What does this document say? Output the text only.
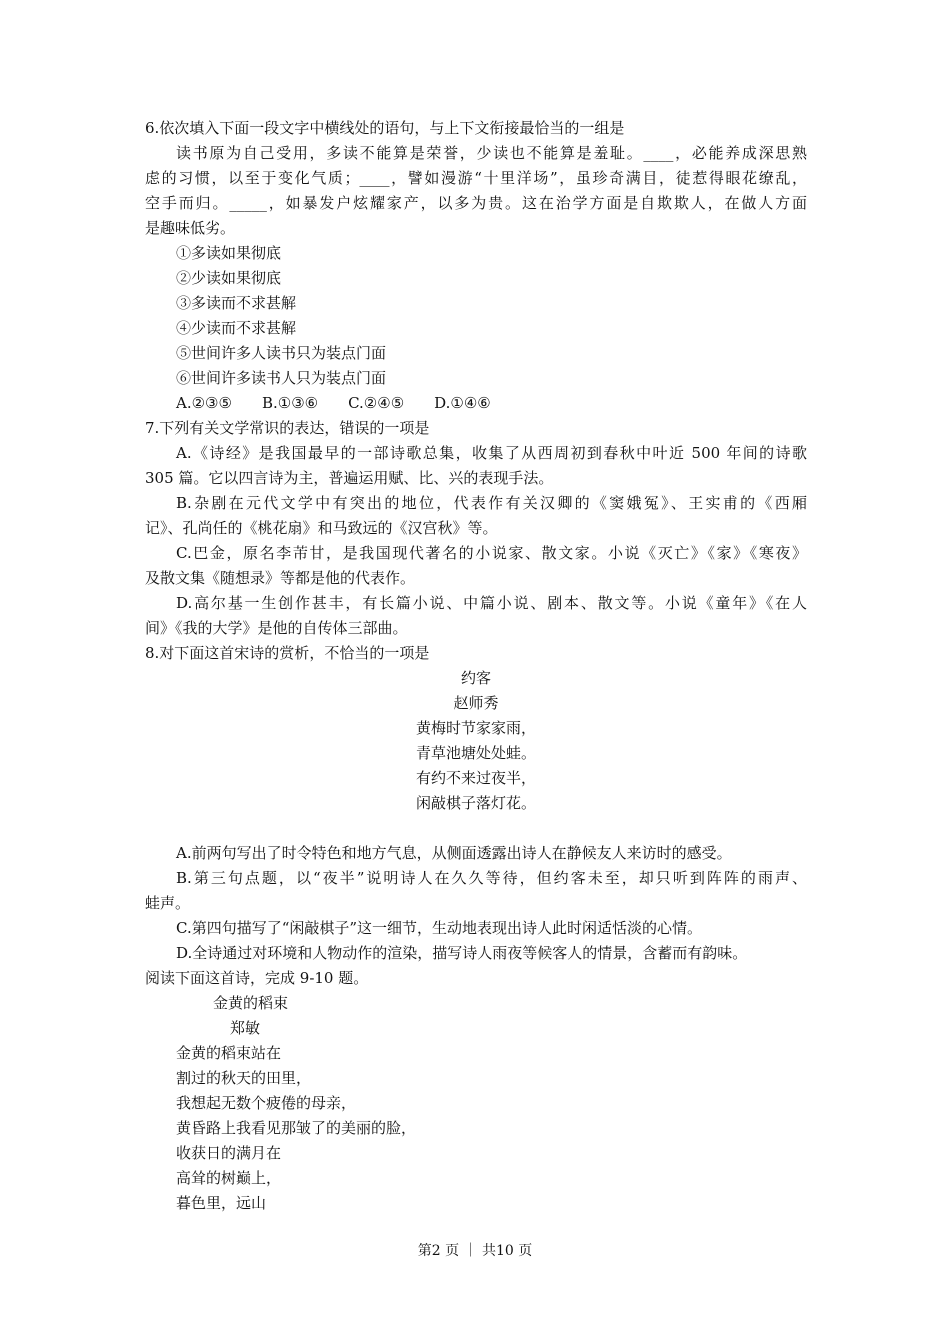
6.依次填入下面一段文字中横线处的语句，与上下文衔接最恰当的一组是
读书原为自己受用，多读不能算是荣誉，少读也不能算是羞耻。____，必能养成深思熟
虑的习惯，以至于变化气质；____，譬如漫游“十里洋场”，虽珍奇满目，徒惹得眼花缭乱，
空手而归。_____，如暴发户炫耀家产，以多为贵。这在治学方面是自欺欺人，在做人方面
是趣味低劣。
①多读如果彻底
②少读如果彻底
③多读而不求甚解
④少读而不求甚解
⑤世间许多人读书只为装点门面
⑥世间许多读书人只为装点门面
A.②③⑤ B.①③⑥ C.②④⑤ D.①④⑥
7.下列有关文学常识的表达，错误的一项是
A.《诗经》是我国最早的一部诗歌总集，收集了从西周初到春秋中叶近 500 年间的诗歌
305 篇。它以四言诗为主，普遍运用赋、比、兴的表现手法。
B.杂剧在元代文学中有突出的地位，代表作有关汉卿的《窦娥冤》、王实甫的《西厢
记》、孔尚任的《桃花扇》和马致远的《汉宫秋》等。
C.巴金，原名李芾甘，是我国现代著名的小说家、散文家。小说《灭亡》《家》《寒夜》
及散文集《随想录》等都是他的代表作。
D.高尔基一生创作甚丰，有长篇小说、中篇小说、剧本、散文等。小说《童年》《在人
间》《我的大学》是他的自传体三部曲。
8.对下面这首宋诗的赏析，不恰当的一项是
约客
赵师秀
黄梅时节家家雨，
青草池塘处处蛙。
有约不来过夜半，
闲敲棋子落灯花。
A.前两句写出了时令特色和地方气息，从侧面透露出诗人在静候友人来访时的感受。
B.第三句点题，以“夜半”说明诗人在久久等待，但约客未至，却只听到阵阵的雨声、
蛙声。
C.第四句描写了“闲敲棋子”这一细节，生动地表现出诗人此时闲适恬淡的心情。
D.全诗通过对环境和人物动作的渲染，描写诗人雨夜等候客人的情景，含蓄而有韵味。
阅读下面这首诗，完成 9-10 题。
金黄的稻束
郑敏
金黄的稻束站在
割过的秋天的田里，
我想起无数个疲倦的母亲，
黄昏路上我看见那皱了的美丽的脸，
收获日的满月在
高耸的树巅上，
暮色里，远山
第2 页 ｜ 共10 页
